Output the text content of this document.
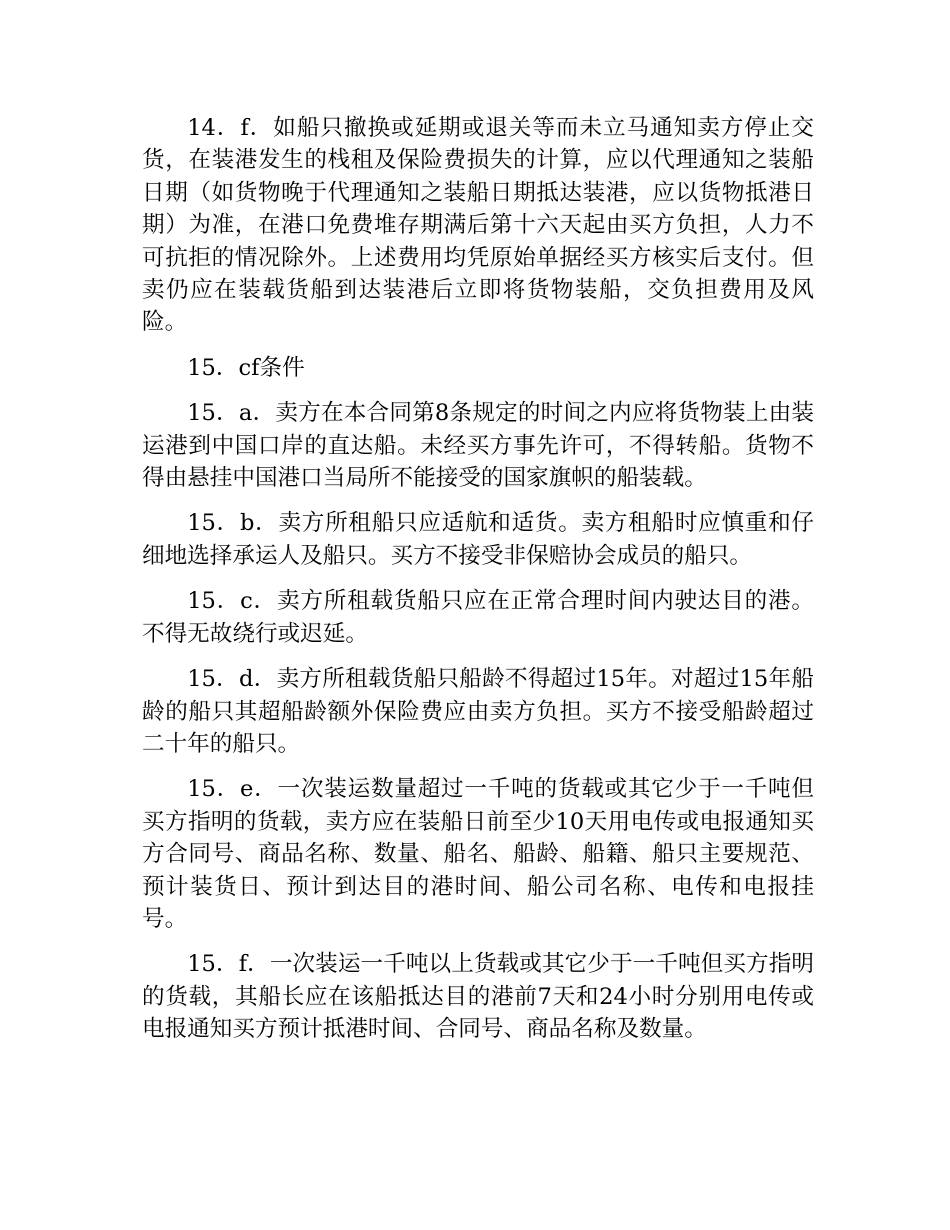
14．f．如船只撤换或延期或退关等而未立马通知卖方停止交货，在装港发生的栈租及保险费损失的计算，应以代理通知之装船日期（如货物晚于代理通知之装船日期抵达装港，应以货物抵港日期）为准，在港口免费堆存期满后第十六天起由买方负担，人力不可抗拒的情况除外。上述费用均凭原始单据经买方核实后支付。但卖仍应在装载货船到达装港后立即将货物装船，交负担费用及风险。

15．cf条件

15．a．卖方在本合同第8条规定的时间之内应将货物装上由装运港到中国口岸的直达船。未经买方事先许可，不得转船。货物不得由悬挂中国港口当局所不能接受的国家旗帜的船装载。

15．b．卖方所租船只应适航和适货。卖方租船时应慎重和仔细地选择承运人及船只。买方不接受非保赔协会成员的船只。

15．c．卖方所租载货船只应在正常合理时间内驶达目的港。不得无故绕行或迟延。

15．d．卖方所租载货船只船龄不得超过15年。对超过15年船龄的船只其超船龄额外保险费应由卖方负担。买方不接受船龄超过二十年的船只。

15．e．一次装运数量超过一千吨的货载或其它少于一千吨但买方指明的货载，卖方应在装船日前至少10天用电传或电报通知买方合同号、商品名称、数量、船名、船龄、船籍、船只主要规范、预计装货日、预计到达目的港时间、船公司名称、电传和电报挂号。

15．f．一次装运一千吨以上货载或其它少于一千吨但买方指明的货载，其船长应在该船抵达目的港前7天和24小时分别用电传或电报通知买方预计抵港时间、合同号、商品名称及数量。
